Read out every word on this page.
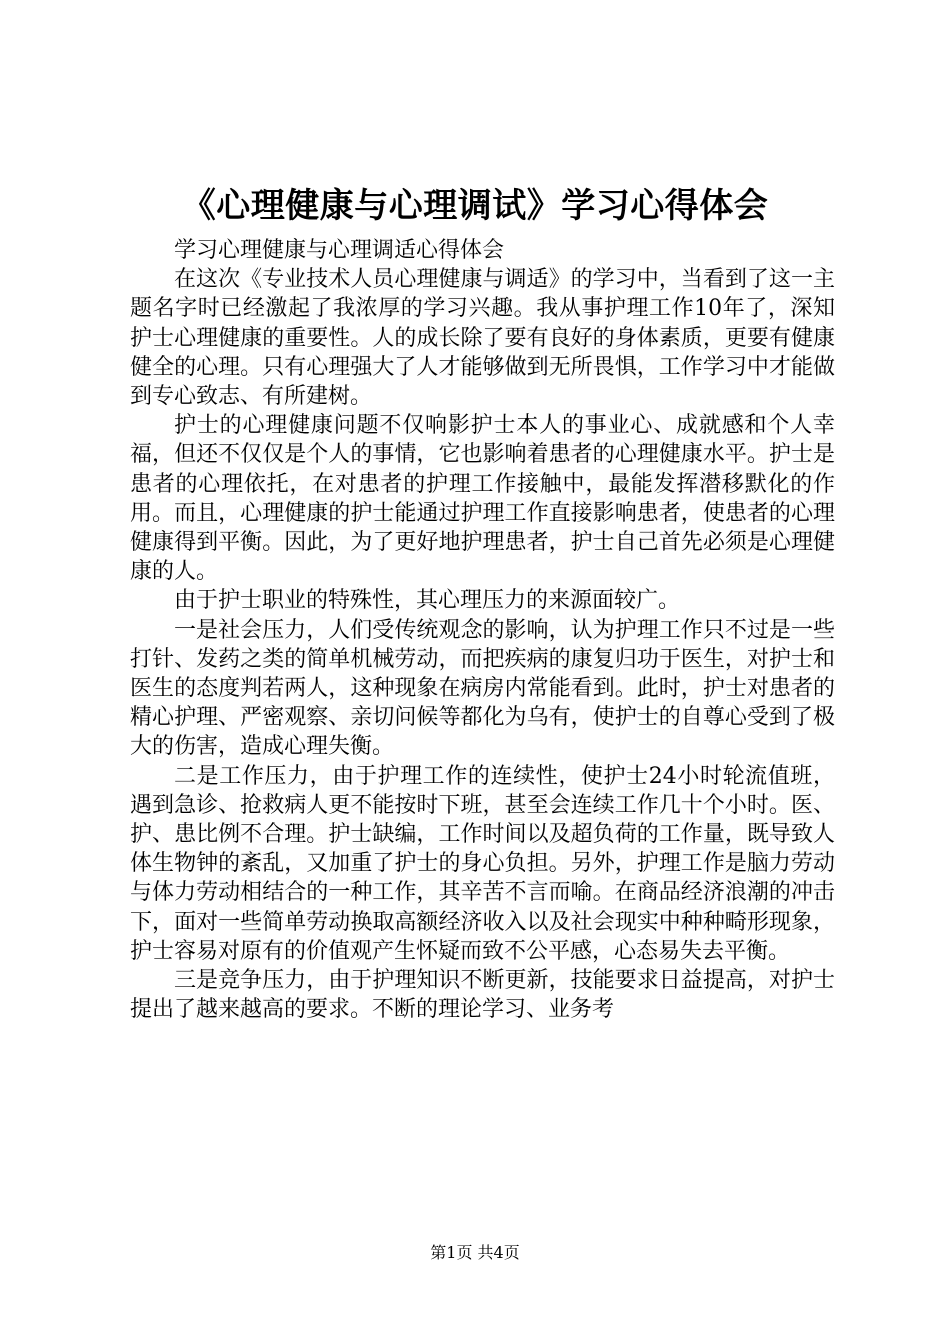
《心理健康与心理调试》学习心得体会

学习心理健康与心理调适心得体会

在这次《专业技术人员心理健康与调适》的学习中，当看到了这一主题名字时已经激起了我浓厚的学习兴趣。我从事护理工作10年了，深知护士心理健康的重要性。人的成长除了要有良好的身体素质，更要有健康健全的心理。只有心理强大了人才能够做到无所畏惧，工作学习中才能做到专心致志、有所建树。

护士的心理健康问题不仅响影护士本人的事业心、成就感和个人幸福，但还不仅仅是个人的事情，它也影响着患者的心理健康水平。护士是患者的心理依托，在对患者的护理工作接触中，最能发挥潜移默化的作用。而且，心理健康的护士能通过护理工作直接影响患者，使患者的心理健康得到平衡。因此，为了更好地护理患者，护士自己首先必须是心理健康的人。

由于护士职业的特殊性，其心理压力的来源面较广。

一是社会压力，人们受传统观念的影响，认为护理工作只不过是一些打针、发药之类的简单机械劳动，而把疾病的康复归功于医生，对护士和医生的态度判若两人，这种现象在病房内常能看到。此时，护士对患者的精心护理、严密观察、亲切问候等都化为乌有，使护士的自尊心受到了极大的伤害，造成心理失衡。

二是工作压力，由于护理工作的连续性，使护士24小时轮流值班，遇到急诊、抢救病人更不能按时下班，甚至会连续工作几十个小时。医、护、患比例不合理。护士缺编，工作时间以及超负荷的工作量，既导致人体生物钟的紊乱，又加重了护士的身心负担。另外，护理工作是脑力劳动与体力劳动相结合的一种工作，其辛苦不言而喻。在商品经济浪潮的冲击下，面对一些简单劳动换取高额经济收入以及社会现实中种种畸形现象，护士容易对原有的价值观产生怀疑而致不公平感，心态易失去平衡。

三是竞争压力，由于护理知识不断更新，技能要求日益提高，对护士提出了越来越高的要求。不断的理论学习、业务考

第1页 共4页
